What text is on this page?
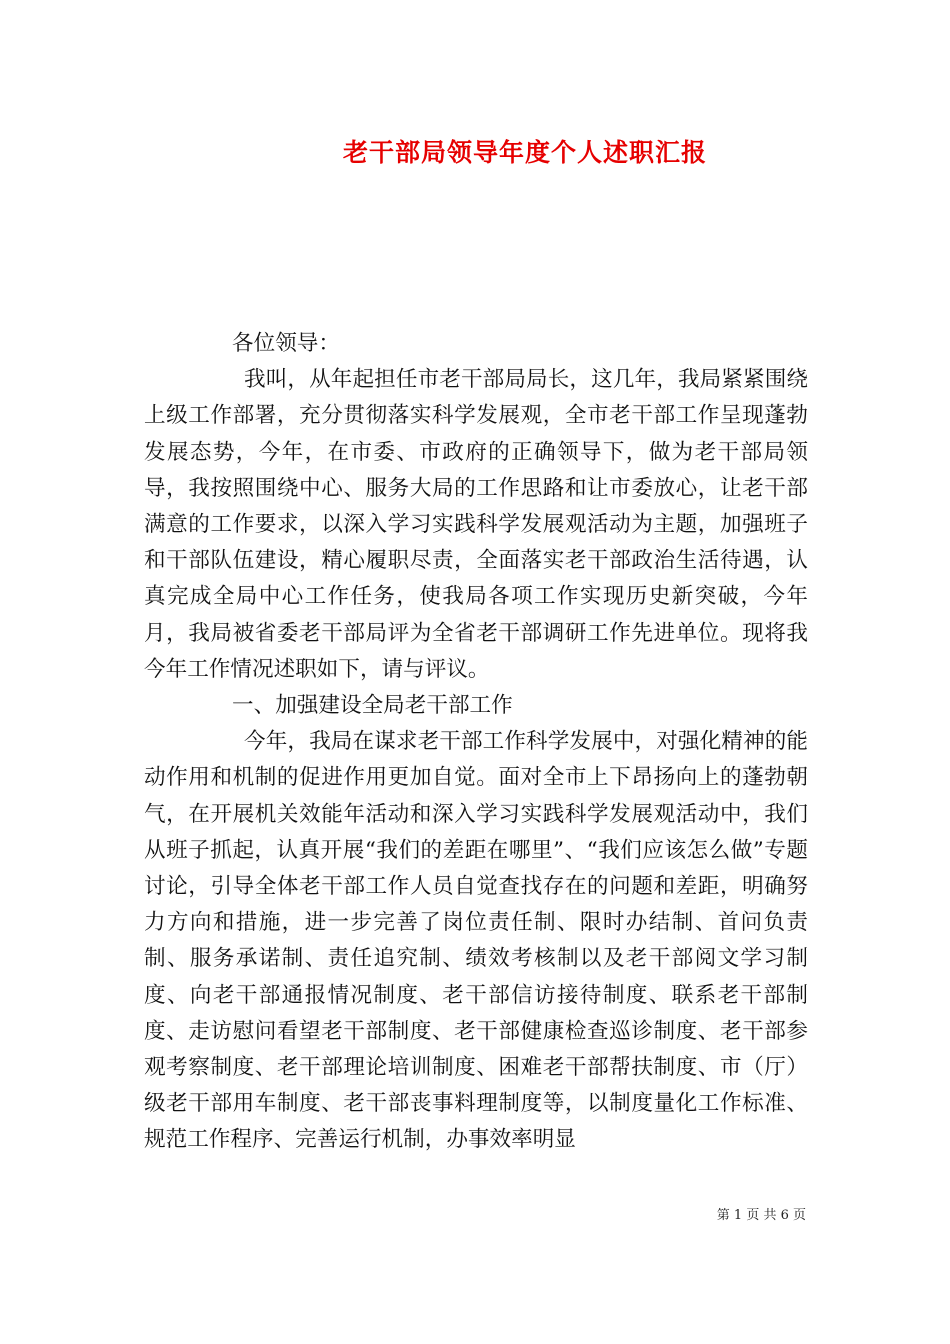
老干部局领导年度个人述职汇报

各位领导：

我叫，从年起担任市老干部局局长，这几年，我局紧紧围绕上级工作部署，充分贯彻落实科学发展观，全市老干部工作呈现蓬勃发展态势，今年，在市委、市政府的正确领导下，做为老干部局领导，我按照围绕中心、服务大局的工作思路和让市委放心，让老干部满意的工作要求，以深入学习实践科学发展观活动为主题，加强班子和干部队伍建设，精心履职尽责，全面落实老干部政治生活待遇，认真完成全局中心工作任务，使我局各项工作实现历史新突破，今年月，我局被省委老干部局评为全省老干部调研工作先进单位。现将我今年工作情况述职如下，请与评议。

一、加强建设全局老干部工作

今年，我局在谋求老干部工作科学发展中，对强化精神的能动作用和机制的促进作用更加自觉。面对全市上下昂扬向上的蓬勃朝气，在开展机关效能年活动和深入学习实践科学发展观活动中，我们从班子抓起，认真开展“我们的差距在哪里”、“我们应该怎么做”专题讨论，引导全体老干部工作人员自觉查找存在的问题和差距，明确努力方向和措施，进一步完善了岗位责任制、限时办结制、首问负责制、服务承诺制、责任追究制、绩效考核制以及老干部阅文学习制度、向老干部通报情况制度、老干部信访接待制度、联系老干部制度、走访慰问看望老干部制度、老干部健康检查巡诊制度、老干部参观考察制度、老干部理论培训制度、困难老干部帮扶制度、市（厅）级老干部用车制度、老干部丧事料理制度等，以制度量化工作标准、规范工作程序、完善运行机制，办事效率明显

第 1 页 共 6 页
